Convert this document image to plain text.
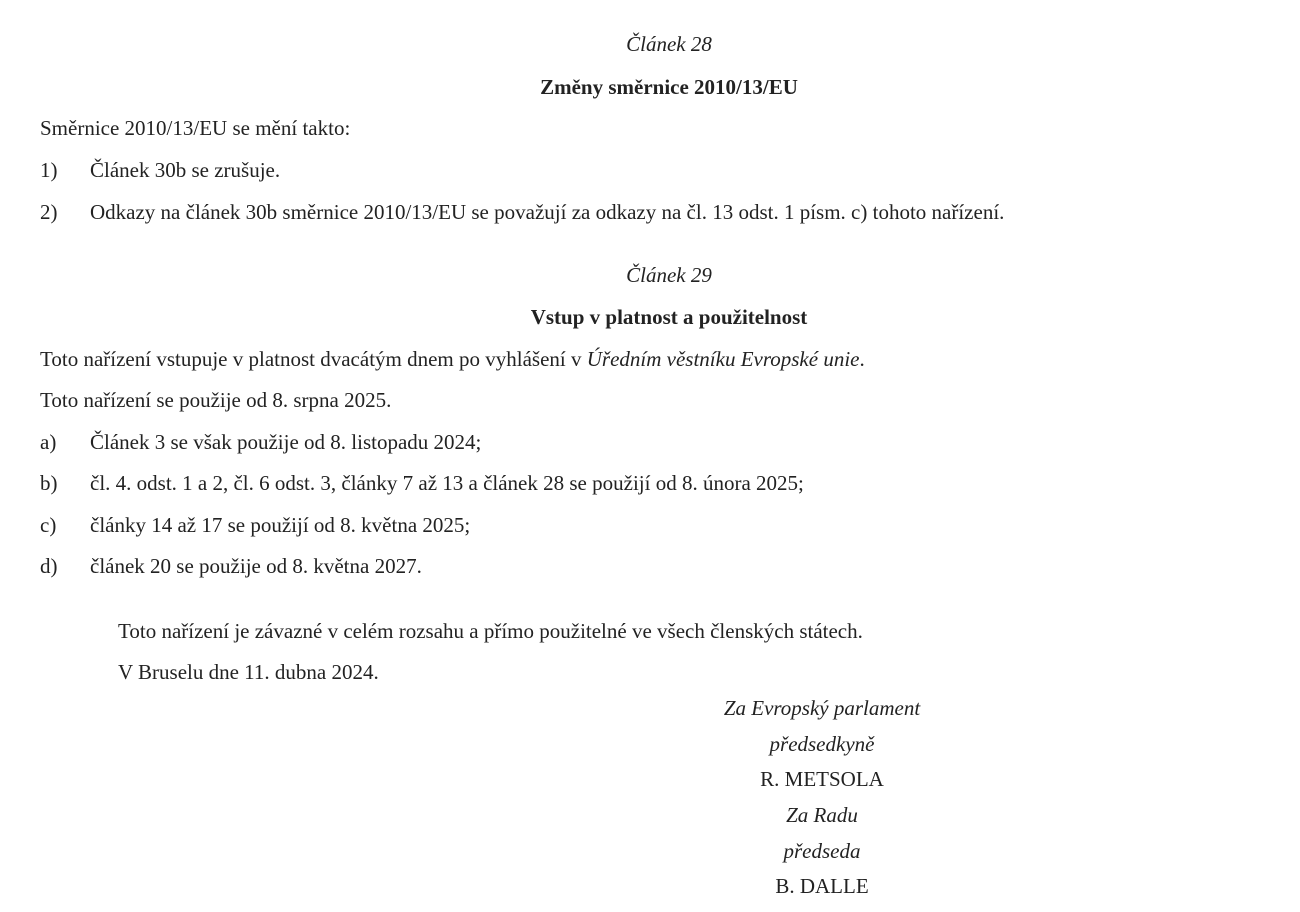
Článek 28
Změny směrnice 2010/13/EU
Směrnice 2010/13/EU se mění takto:
1) Článek 30b se zrušuje.
2) Odkazy na článek 30b směrnice 2010/13/EU se považují za odkazy na čl. 13 odst. 1 písm. c) tohoto nařízení.
Článek 29
Vstup v platnost a použitelnost
Toto nařízení vstupuje v platnost dvacátým dnem po vyhlášení v Úředním věstníku Evropské unie.
Toto nařízení se použije od 8. srpna 2025.
a) Článek 3 se však použije od 8. listopadu 2024;
b) čl. 4. odst. 1 a 2, čl. 6 odst. 3, články 7 až 13 a článek 28 se použijí od 8. února 2025;
c) články 14 až 17 se použijí od 8. května 2025;
d) článek 20 se použije od 8. května 2027.
Toto nařízení je závazné v celém rozsahu a přímo použitelné ve všech členských státech.
V Bruselu dne 11. dubna 2024.
Za Evropský parlament
předsedkyně
R. METSOLA
Za Radu
předseda
B. DALLE
